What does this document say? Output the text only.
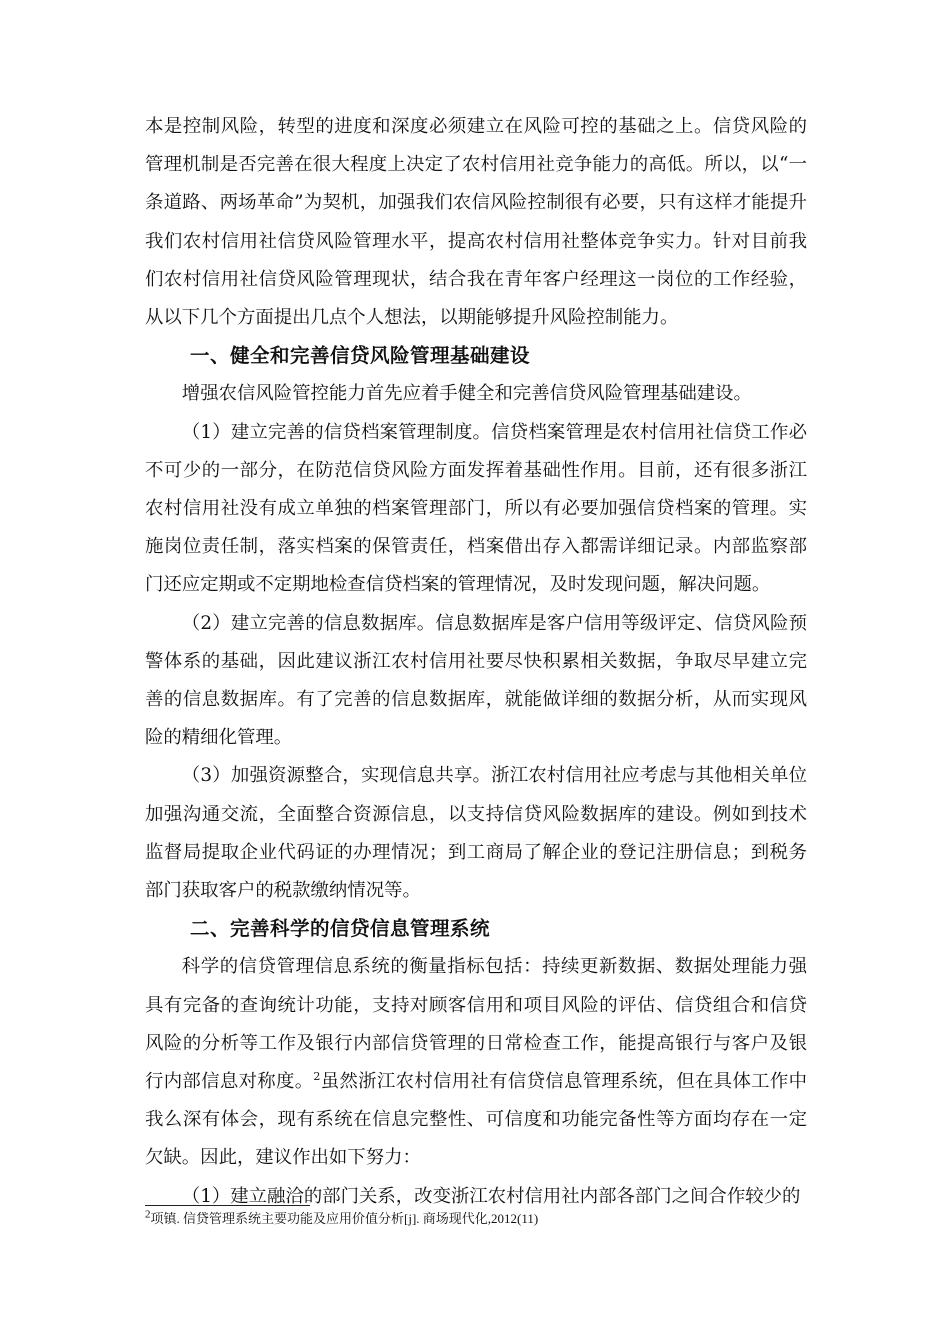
本是控制风险，转型的进度和深度必须建立在风险可控的基础之上。信贷风险的管理机制是否完善在很大程度上决定了农村信用社竞争能力的高低。所以，以“一条道路、两场革命”为契机，加强我们农信风险控制很有必要，只有这样才能提升我们农村信用社信贷风险管理水平，提高农村信用社整体竞争实力。针对目前我们农村信用社信贷风险管理现状，结合我在青年客户经理这一岗位的工作经验，从以下几个方面提出几点个人想法，以期能够提升风险控制能力。

一、健全和完善信贷风险管理基础建设

增强农信风险管控能力首先应着手健全和完善信贷风险管理基础建设。

（1）建立完善的信贷档案管理制度。信贷档案管理是农村信用社信贷工作必不可少的一部分，在防范信贷风险方面发挥着基础性作用。目前，还有很多浙江农村信用社没有成立单独的档案管理部门，所以有必要加强信贷档案的管理。实施岗位责任制，落实档案的保管责任，档案借出存入都需详细记录。内部监察部门还应定期或不定期地检查信贷档案的管理情况，及时发现问题，解决问题。

（2）建立完善的信息数据库。信息数据库是客户信用等级评定、信贷风险预警体系的基础，因此建议浙江农村信用社要尽快积累相关数据，争取尽早建立完善的信息数据库。有了完善的信息数据库，就能做详细的数据分析，从而实现风险的精细化管理。

（3）加强资源整合，实现信息共享。浙江农村信用社应考虑与其他相关单位加强沟通交流，全面整合资源信息，以支持信贷风险数据库的建设。例如到技术监督局提取企业代码证的办理情况；到工商局了解企业的登记注册信息；到税务部门获取客户的税款缴纳情况等。

二、完善科学的信贷信息管理系统

科学的信贷管理信息系统的衡量指标包括：持续更新数据、数据处理能力强具有完备的查询统计功能，支持对顾客信用和项目风险的评估、信贷组合和信贷风险的分析等工作及银行内部信贷管理的日常检查工作，能提高银行与客户及银行内部信息对称度。$^2$虽然浙江农村信用社有信贷信息管理系统，但在具体工作中我么深有体会，现有系统在信息完整性、可信度和功能完备性等方面均存在一定欠缺。因此，建议作出如下努力：

（1）建立融洽的部门关系，改变浙江农村信用社内部各部门之间合作较少的

$^2$项镇. 信贷管理系统主要功能及应用价值分析[j]. 商场现代化,2012(11)
